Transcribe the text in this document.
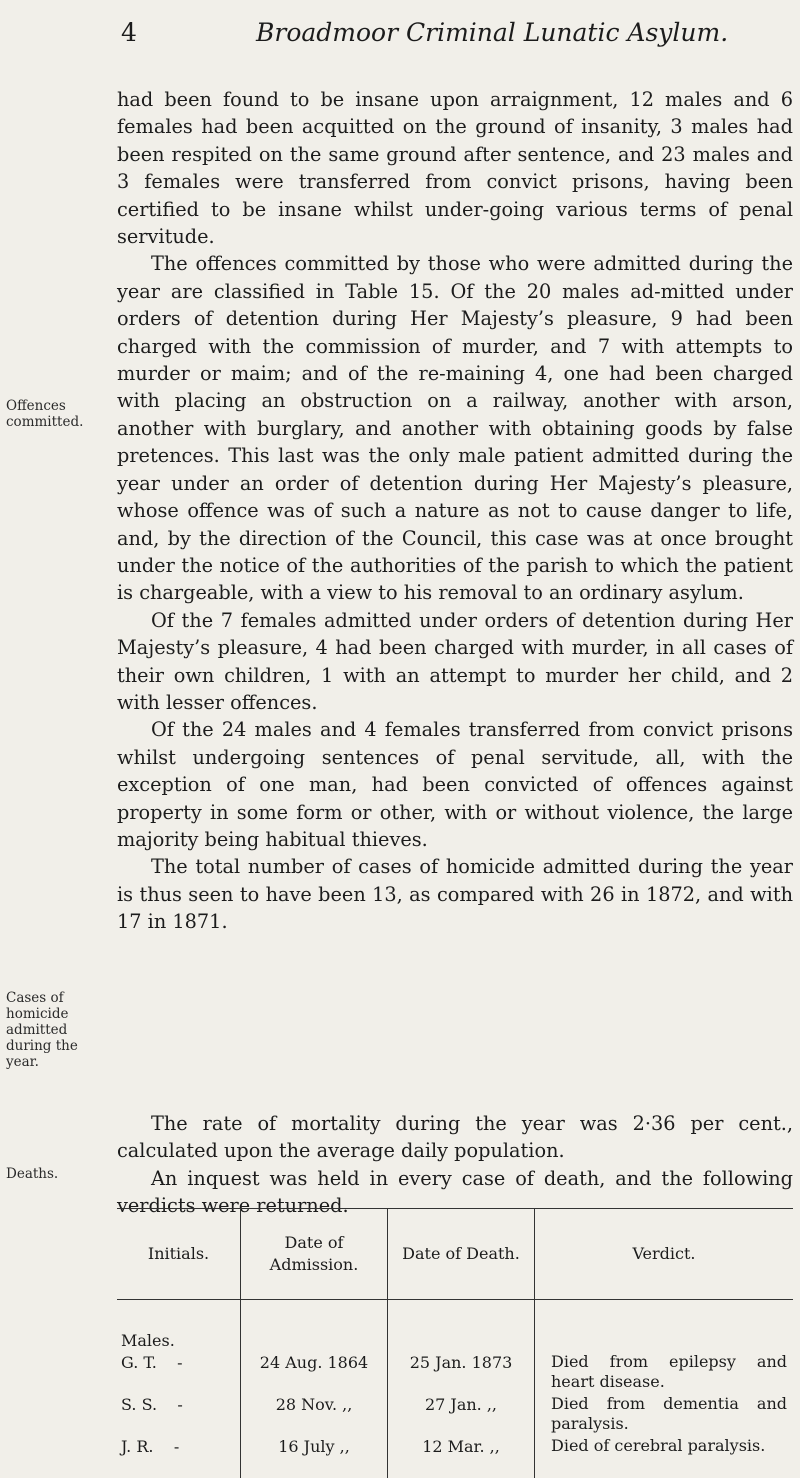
4	Broadmoor Criminal Lunatic Asylum.
Offences committed.
Cases of homicide admitted during the year.
Deaths.

had been found to be insane upon arraignment, 12 males and 6 females had been acquitted on the ground of insanity, 3 males had been respited on the same ground after sentence, and 23 males and 3 females were transferred from convict prisons, having been certified to be insane whilst under-going various terms of penal servitude.

The offences committed by those who were admitted during the year are classified in Table 15. Of the 20 males ad-mitted under orders of detention during Her Majesty’s pleasure, 9 had been charged with the commission of murder, and 7 with attempts to murder or maim; and of the re-maining 4, one had been charged with placing an obstruction on a railway, another with arson, another with burglary, and another with obtaining goods by false pretences. This last was the only male patient admitted during the year under an order of detention during Her Majesty’s pleasure, whose offence was of such a nature as not to cause danger to life, and, by the direction of the Council, this case was at once brought under the notice of the authorities of the parish to which the patient is chargeable, with a view to his removal to an ordinary asylum.

Of the 7 females admitted under orders of detention during Her Majesty’s pleasure, 4 had been charged with murder, in all cases of their own children, 1 with an attempt to murder her child, and 2 with lesser offences.

Of the 24 males and 4 females transferred from convict prisons whilst undergoing sentences of penal servitude, all, with the exception of one man, had been convicted of offences against property in some form or other, with or without violence, the large majority being habitual thieves.

The total number of cases of homicide admitted during the year is thus seen to have been 13, as compared with 26 in 1872, and with 17 in 1871.

The rate of mortality during the year was 2·36 per cent., calculated upon the average daily population.

An inquest was held in every case of death, and the following verdicts were returned.

Initials.	Date of Admission.	Date of Death.	Verdict.
Males.			
G. T.    -	24 Aug. 1864	25 Jan. 1873	Died from epilepsy and heart disease.
S. S.    -	28 Nov. ,,	27 Jan. ,,	Died from dementia and paralysis.
J. R.    -	16 July ,,	12 Mar. ,,	Died of cerebral paralysis.
